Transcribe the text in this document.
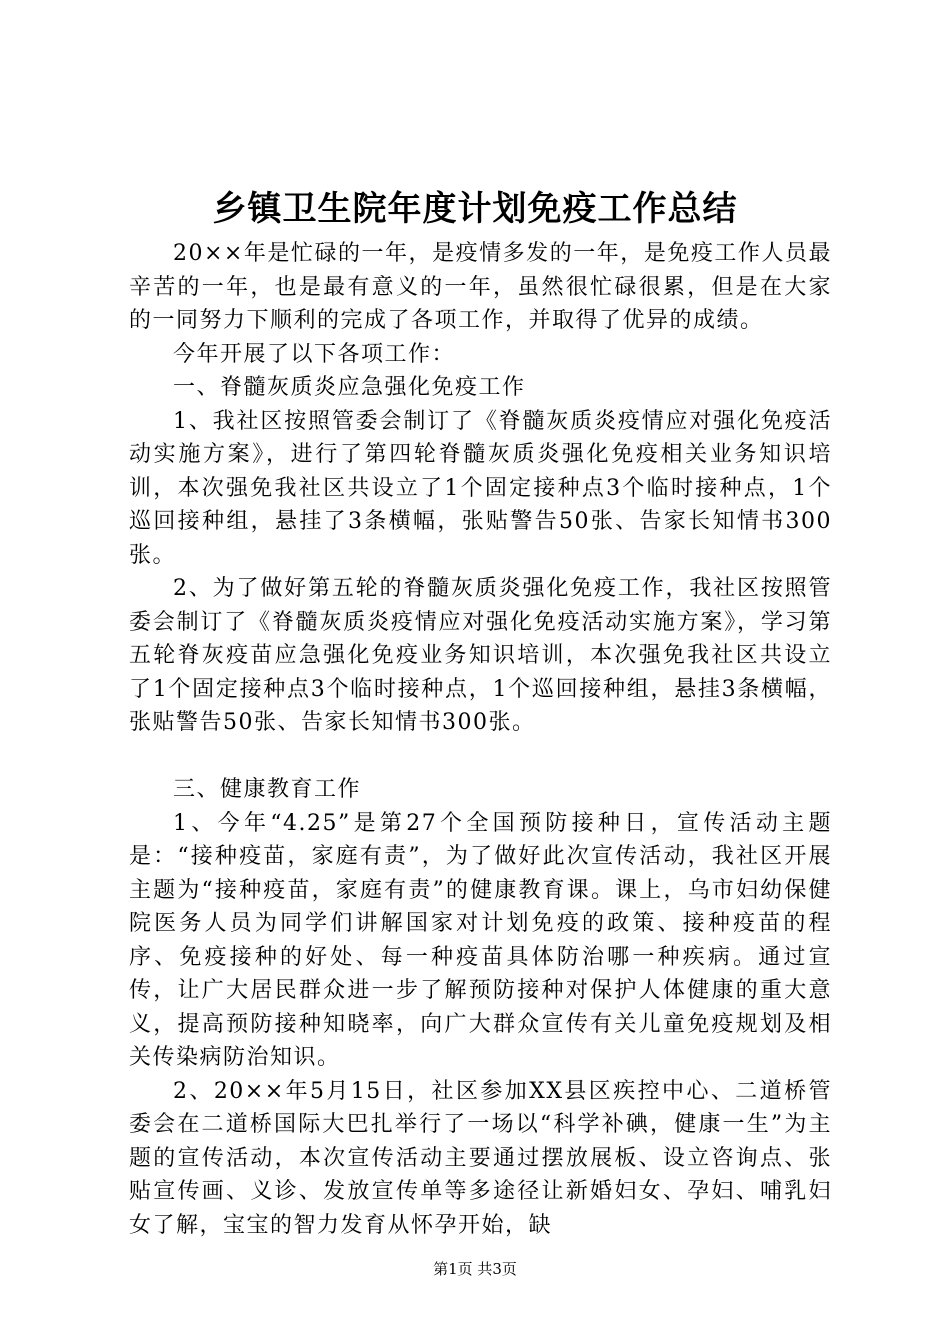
乡镇卫生院年度计划免疫工作总结

20××年是忙碌的一年，是疫情多发的一年，是免疫工作人员最辛苦的一年，也是最有意义的一年，虽然很忙碌很累，但是在大家的一同努力下顺利的完成了各项工作，并取得了优异的成绩。

今年开展了以下各项工作：

一、脊髓灰质炎应急强化免疫工作

1、我社区按照管委会制订了《脊髓灰质炎疫情应对强化免疫活动实施方案》，进行了第四轮脊髓灰质炎强化免疫相关业务知识培训，本次强免我社区共设立了1个固定接种点3个临时接种点，1个巡回接种组，悬挂了3条横幅，张贴警告50张、告家长知情书300张。

2、为了做好第五轮的脊髓灰质炎强化免疫工作，我社区按照管委会制订了《脊髓灰质炎疫情应对强化免疫活动实施方案》，学习第五轮脊灰疫苗应急强化免疫业务知识培训，本次强免我社区共设立了1个固定接种点3个临时接种点，1个巡回接种组，悬挂3条横幅，张贴警告50张、告家长知情书300张。

三、健康教育工作

1、今年“4.25”是第27个全国预防接种日，宣传活动主题是：“接种疫苗，家庭有责”，为了做好此次宣传活动，我社区开展主题为“接种疫苗，家庭有责”的健康教育课。课上，乌市妇幼保健院医务人员为同学们讲解国家对计划免疫的政策、接种疫苗的程序、免疫接种的好处、每一种疫苗具体防治哪一种疾病。通过宣传，让广大居民群众进一步了解预防接种对保护人体健康的重大意义，提高预防接种知晓率，向广大群众宣传有关儿童免疫规划及相关传染病防治知识。

2、20××年5月15日，社区参加XX县区疾控中心、二道桥管委会在二道桥国际大巴扎举行了一场以“科学补碘，健康一生”为主题的宣传活动，本次宣传活动主要通过摆放展板、设立咨询点、张贴宣传画、义诊、发放宣传单等多途径让新婚妇女、孕妇、哺乳妇女了解，宝宝的智力发育从怀孕开始，缺

第1页 共3页
